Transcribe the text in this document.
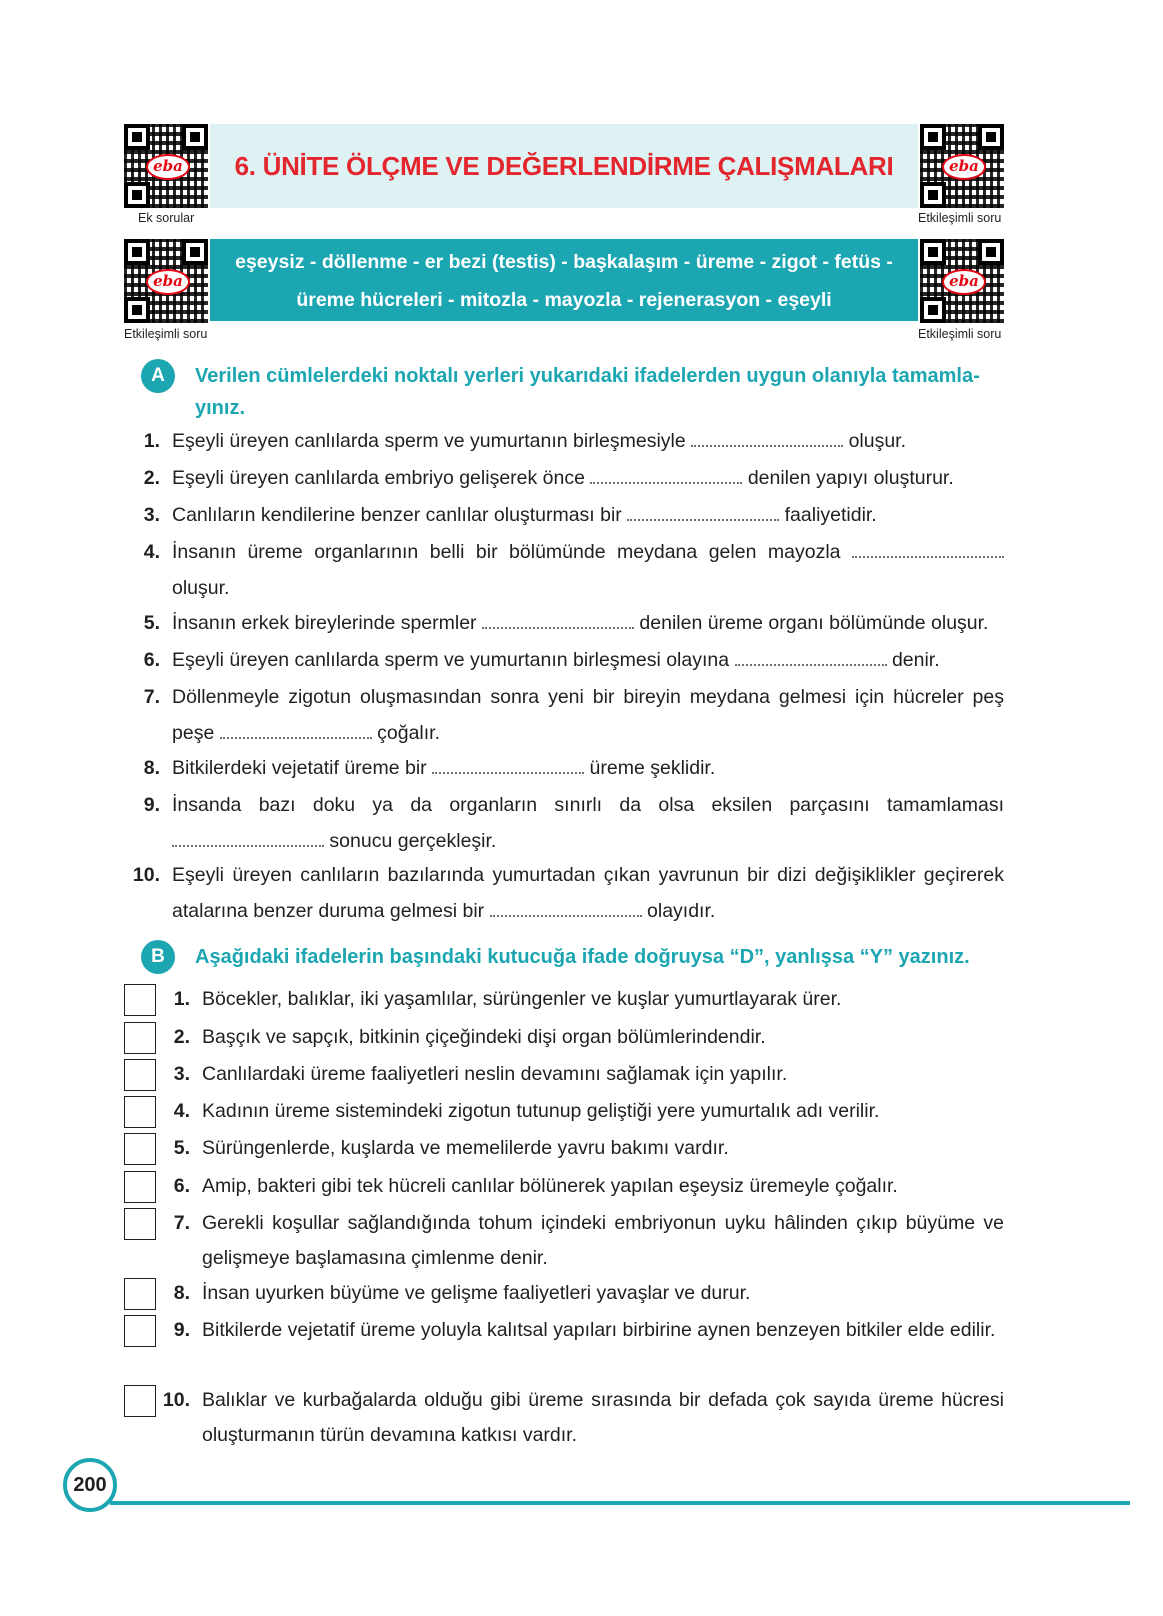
eba
Ek sorular
eba
Etkileşimli soru
eba
Etkileşimli soru
eba
Etkileşimli soru
6. ÜNİTE ÖLÇME VE DEĞERLENDİRME ÇALIŞMALARI
eşeysiz - döllenme - er bezi (testis) - başkalaşım - üreme - zigot - fetüs -
üreme hücreleri - mitozla - mayozla - rejenerasyon - eşeyli
A	Verilen cümlelerdeki noktalı yerleri yukarıdaki ifadelerden uygun olanıyla tamamla-
yınız.
1. Eşeyli üreyen canlılarda sperm ve yumurtanın birleşmesiyle	oluşur.
2. Eşeyli üreyen canlılarda embriyo gelişerek önce	denilen yapıyı oluşturur.
3. Canlıların kendilerine benzer canlılar oluşturması bir	faaliyetidir.
4. İnsanın üreme organlarının belli bir bölümünde meydana gelen mayozla  oluşur.
5. İnsanın erkek bireylerinde spermler	denilen üreme organı bölümünde oluşur.
6. Eşeyli üreyen canlılarda sperm ve yumurtanın birleşmesi olayına	denir.
7. Döllenmeyle zigotun oluşmasından sonra yeni bir bireyin meydana gelmesi için hücreler peş peşe	çoğalır.
8. Bitkilerdeki vejetatif üreme bir	üreme şeklidir.
9. İnsanda bazı doku ya da organların sınırlı da olsa eksilen parçasını tamamlaması  sonucu gerçekleşir.
10. Eşeyli üreyen canlıların bazılarında yumurtadan çıkan yavrunun bir dizi değişiklikler geçirerek atalarına benzer duruma gelmesi bir	olayıdır.
B	Aşağıdaki ifadelerin başındaki kutucuğa ifade doğruysa “D”, yanlışsa “Y” yazınız.
1. Böcekler, balıklar, iki yaşamlılar, sürüngenler ve kuşlar yumurtlayarak ürer.
2. Başçık ve sapçık, bitkinin çiçeğindeki dişi organ bölümlerindendir.
3. Canlılardaki üreme faaliyetleri neslin devamını sağlamak için yapılır.
4. Kadının üreme sistemindeki zigotun tutunup geliştiği yere yumurtalık adı verilir.
5. Sürüngenlerde, kuşlarda ve memelilerde yavru bakımı vardır.
6. Amip, bakteri gibi tek hücreli canlılar bölünerek yapılan eşeysiz üremeyle çoğalır.
7. Gerekli koşullar sağlandığında tohum içindeki embriyonun uyku hâlinden çıkıp büyüme ve gelişmeye başlamasına çimlenme denir.
8. İnsan uyurken büyüme ve gelişme faaliyetleri yavaşlar ve durur.
9. Bitkilerde vejetatif üreme yoluyla kalıtsal yapıları birbirine aynen benzeyen bitkiler elde edilir.
10. Balıklar ve kurbağalarda olduğu gibi üreme sırasında bir defada çok sayıda üreme hücresi oluşturmanın türün devamına katkısı vardır.
200
